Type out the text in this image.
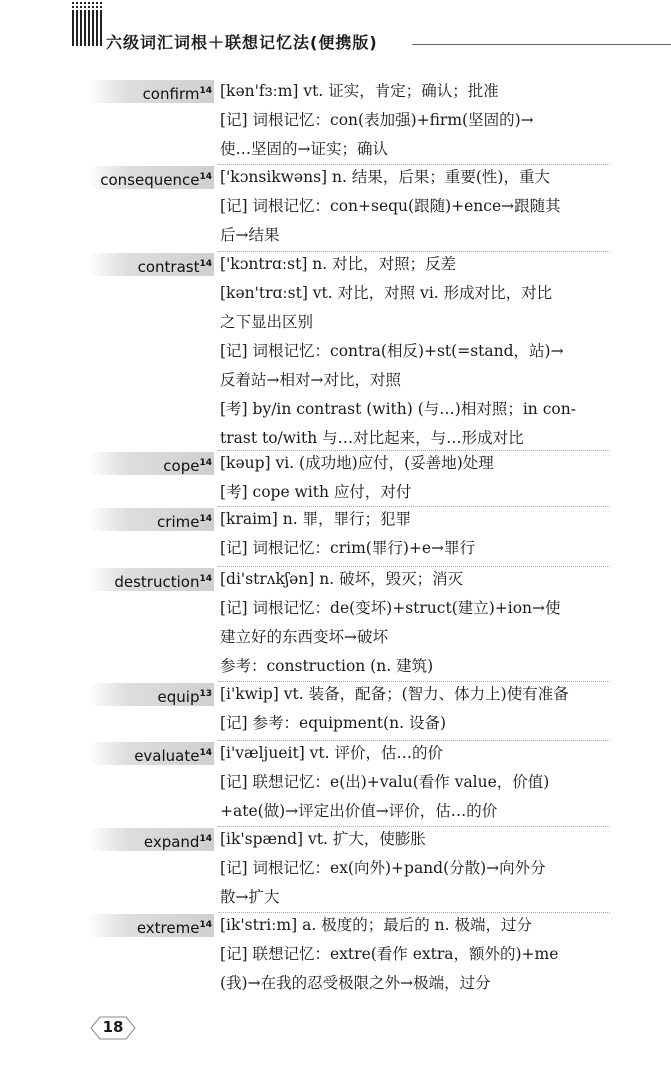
六级词汇词根＋联想记忆法(便携版)
confirm$^{14}$ [kən'fɜːm] vt. 证实，肯定；确认；批准
[记] 词根记忆：con(表加强)+firm(坚固的)→
使…坚固的→证实；确认
consequence$^{14}$ ['kɔnsikwəns] n. 结果，后果；重要(性)，重大
[记] 词根记忆：con+sequ(跟随)+ence→跟随其
后→结果
contrast$^{14}$ ['kɔntrɑːst] n. 对比，对照；反差
[kən'trɑːst] vt. 对比，对照 vi. 形成对比，对比
之下显出区别
[记] 词根记忆：contra(相反)+st(=stand，站)→
反着站→相对→对比，对照
[考] by/in contrast (with) (与…)相对照；in con-
trast to/with 与…对比起来，与…形成对比
cope$^{14}$ [kəup] vi. (成功地)应付，(妥善地)处理
[考] cope with 应付，对付
crime$^{14}$ [kraim] n. 罪，罪行；犯罪
[记] 词根记忆：crim(罪行)+e→罪行
destruction$^{14}$ [di'strʌkʃən] n. 破坏，毁灭；消灭
[记] 词根记忆：de(变坏)+struct(建立)+ion→使
建立好的东西变坏→破坏
参考：construction (n. 建筑)
equip$^{13}$ [i'kwip] vt. 装备，配备；(智力、体力上)使有准备
[记] 参考：equipment(n. 设备)
evaluate$^{14}$ [i'væljueit] vt. 评价，估…的价
[记] 联想记忆：e(出)+valu(看作 value，价值)
+ate(做)→评定出价值→评价，估…的价
expand$^{14}$ [ik'spænd] vt. 扩大，使膨胀
[记] 词根记忆：ex(向外)+pand(分散)→向外分
散→扩大
extreme$^{14}$ [ik'striːm] a. 极度的；最后的 n. 极端，过分
[记] 联想记忆：extre(看作 extra，额外的)+me
(我)→在我的忍受极限之外→极端，过分
18
